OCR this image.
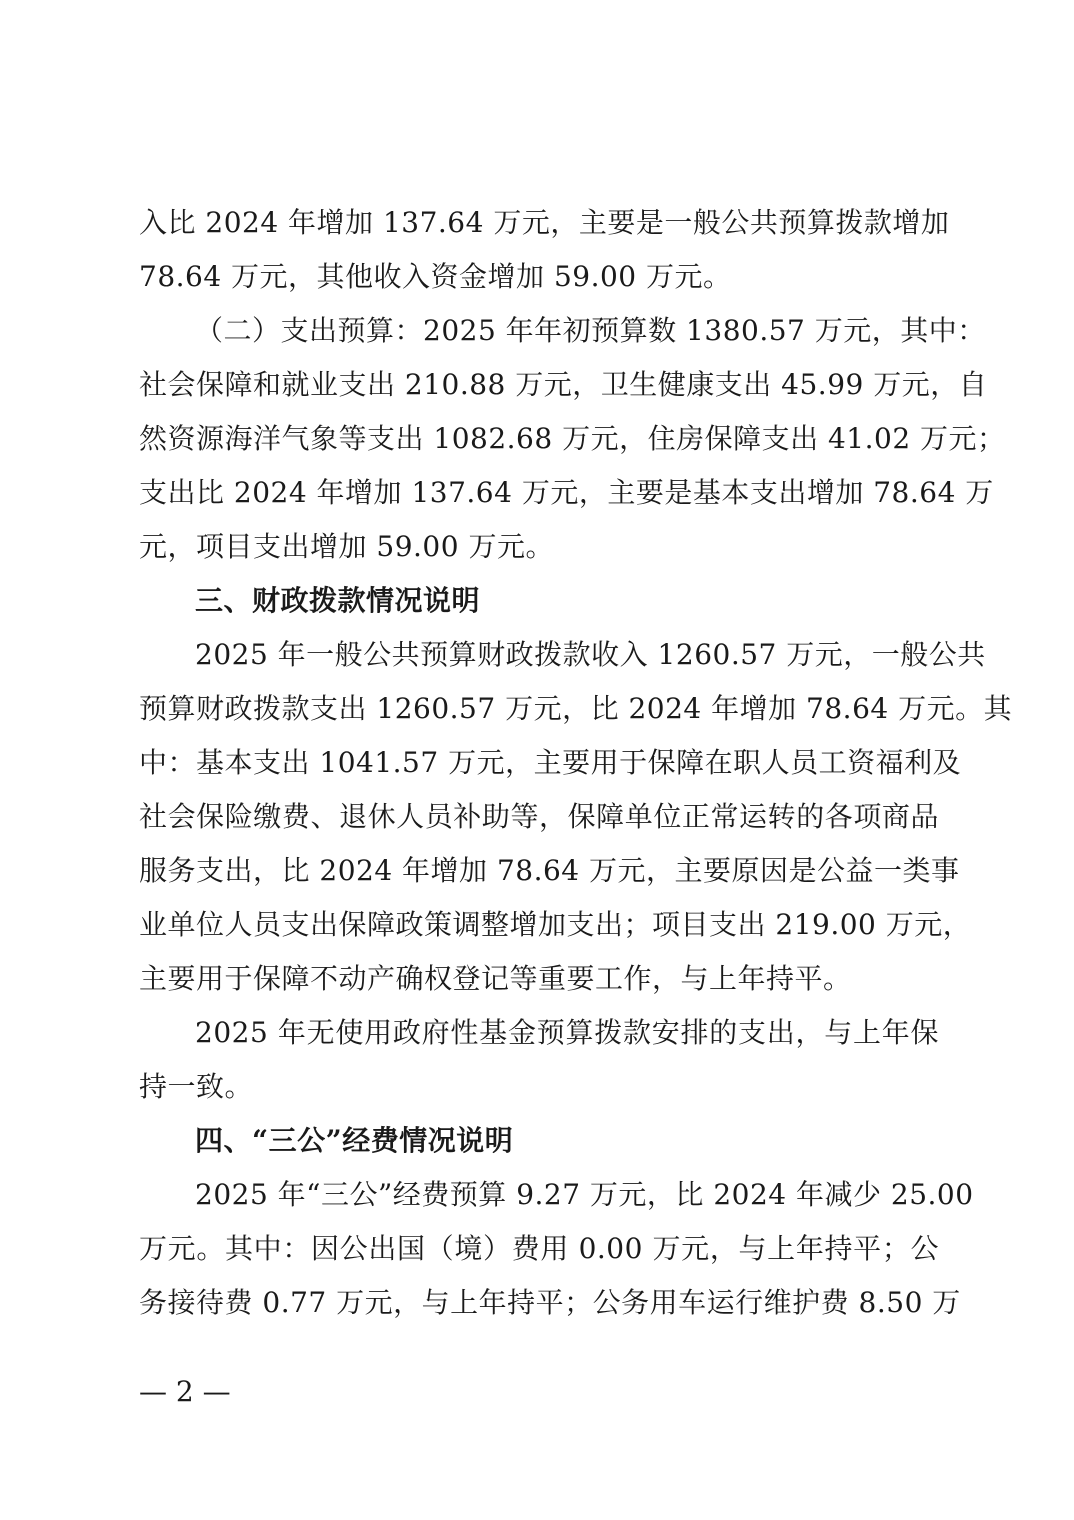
入比 2024 年增加 137.64 万元，主要是一般公共预算拨款增加
78.64 万元，其他收入资金增加 59.00 万元。
（二）支出预算：2025 年年初预算数 1380.57 万元，其中：
社会保障和就业支出 210.88 万元，卫生健康支出 45.99 万元，自
然资源海洋气象等支出 1082.68 万元，住房保障支出 41.02 万元；
支出比 2024 年增加 137.64 万元，主要是基本支出增加 78.64 万
元，项目支出增加 59.00 万元。
三、财政拨款情况说明
2025 年一般公共预算财政拨款收入 1260.57 万元，一般公共
预算财政拨款支出 1260.57 万元，比 2024 年增加 78.64 万元。其
中：基本支出 1041.57 万元，主要用于保障在职人员工资福利及
社会保险缴费、退休人员补助等，保障单位正常运转的各项商品
服务支出，比 2024 年增加 78.64 万元，主要原因是公益一类事
业单位人员支出保障政策调整增加支出；项目支出 219.00 万元，
主要用于保障不动产确权登记等重要工作，与上年持平。
2025 年无使用政府性基金预算拨款安排的支出，与上年保
持一致。
四、“三公”经费情况说明
2025 年“三公”经费预算 9.27 万元，比 2024 年减少 25.00
万元。其中：因公出国（境）费用 0.00 万元，与上年持平；公
务接待费 0.77 万元，与上年持平；公务用车运行维护费 8.50 万
— 2 —
